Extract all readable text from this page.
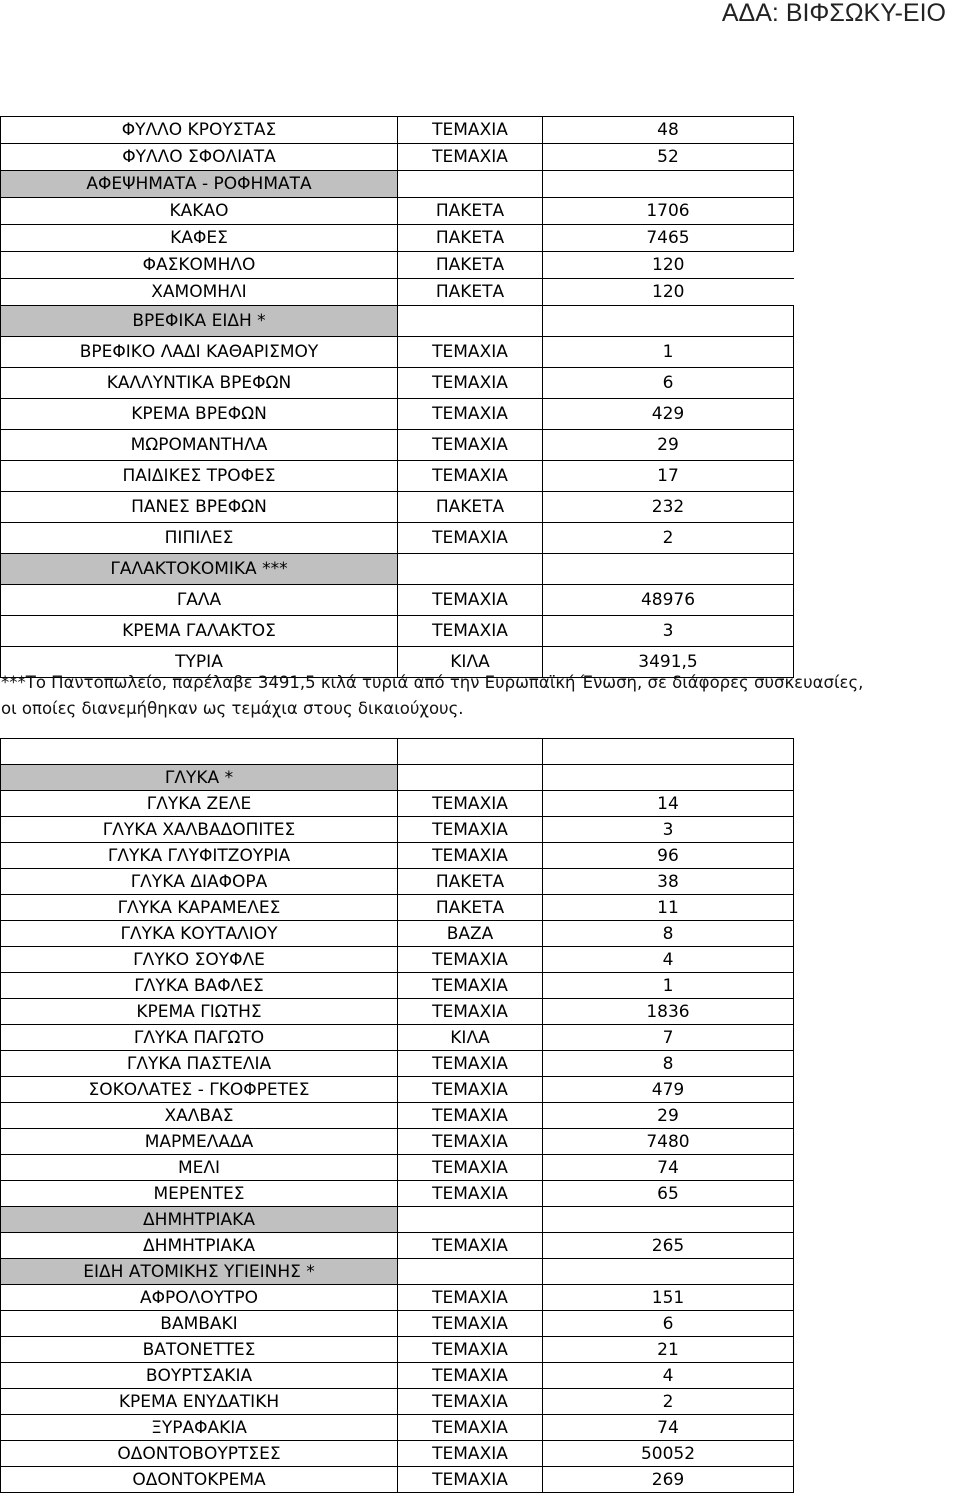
ΑΔΑ: ΒΙΦΣΩΚΥ-ΕΙΟ
ΦΥΛΛΟ ΚΡΟΥΣΤΑΣ	ΤΕΜΑΧΙΑ	48
ΦΥΛΛΟ ΣΦΟΛΙΑΤΑ	ΤΕΜΑΧΙΑ	52
ΑΦΕΨΗΜΑΤΑ - ΡΟΦΗΜΑΤΑ		
ΚΑΚΑΟ	ΠΑΚΕΤΑ	1706
ΚΑΦΕΣ	ΠΑΚΕΤΑ	7465
ΦΑΣΚΟΜΗΛΟ	ΠΑΚΕΤΑ	120
ΧΑΜΟΜΗΛΙ	ΠΑΚΕΤΑ	120
ΒΡΕΦΙΚΑ ΕΙΔΗ *		
ΒΡΕΦΙΚΟ ΛΑΔΙ ΚΑΘΑΡΙΣΜΟΥ	ΤΕΜΑΧΙΑ	1
ΚΑΛΛΥΝΤΙΚΑ ΒΡΕΦΩΝ	ΤΕΜΑΧΙΑ	6
ΚΡΕΜΑ ΒΡΕΦΩΝ	ΤΕΜΑΧΙΑ	429
ΜΩΡΟΜΑΝΤΗΛΑ	ΤΕΜΑΧΙΑ	29
ΠΑΙΔΙΚΕΣ ΤΡΟΦΕΣ	ΤΕΜΑΧΙΑ	17
ΠΑΝΕΣ ΒΡΕΦΩΝ	ΠΑΚΕΤΑ	232
ΠΙΠΙΛΕΣ	ΤΕΜΑΧΙΑ	2
ΓΑΛΑΚΤΟΚΟΜΙΚΑ ***		
ΓΑΛΑ	ΤΕΜΑΧΙΑ	48976
ΚΡΕΜΑ ΓΑΛΑΚΤΟΣ	ΤΕΜΑΧΙΑ	3
ΤΥΡΙΑ	ΚΙΛΑ	3491,5
***Το Παντοπωλείο, παρέλαβε 3491,5 κιλά τυριά από την Ευρωπαϊκή Ένωση, σε διάφορες συσκευασίες, οι οποίες διανεμήθηκαν ως τεμάχια στους δικαιούχους.

ΓΛΥΚΑ *		
ΓΛΥΚΑ ΖΕΛΕ	ΤΕΜΑΧΙΑ	14
ΓΛΥΚΑ ΧΑΛΒΑΔΟΠΙΤΕΣ	ΤΕΜΑΧΙΑ	3
ΓΛΥΚΑ ΓΛΥΦΙΤΖΟΥΡΙΑ	ΤΕΜΑΧΙΑ	96
ΓΛΥΚΑ ΔΙΑΦΟΡΑ	ΠΑΚΕΤΑ	38
ΓΛΥΚΑ ΚΑΡΑΜΕΛΕΣ	ΠΑΚΕΤΑ	11
ΓΛΥΚΑ ΚΟΥΤΑΛΙΟΥ	ΒΑΖΑ	8
ΓΛΥΚΟ ΣΟΥΦΛΕ	ΤΕΜΑΧΙΑ	4
ΓΛΥΚΑ ΒΑΦΛΕΣ	ΤΕΜΑΧΙΑ	1
ΚΡΕΜΑ ΓΙΩΤΗΣ	ΤΕΜΑΧΙΑ	1836
ΓΛΥΚΑ ΠΑΓΩΤΟ	ΚΙΛΑ	7
ΓΛΥΚΑ ΠΑΣΤΕΛΙΑ	ΤΕΜΑΧΙΑ	8
ΣΟΚΟΛΑΤΕΣ - ΓΚΟΦΡΕΤΕΣ	ΤΕΜΑΧΙΑ	479
ΧΑΛΒΑΣ	ΤΕΜΑΧΙΑ	29
ΜΑΡΜΕΛΑΔΑ	ΤΕΜΑΧΙΑ	7480
ΜΕΛΙ	ΤΕΜΑΧΙΑ	74
ΜΕΡΕΝΤΕΣ	ΤΕΜΑΧΙΑ	65
ΔΗΜΗΤΡΙΑΚΑ		
ΔΗΜΗΤΡΙΑΚΑ	ΤΕΜΑΧΙΑ	265
ΕΙΔΗ ΑΤΟΜΙΚΗΣ ΥΓΙΕΙΝΗΣ *		
ΑΦΡΟΛΟΥΤΡΟ	ΤΕΜΑΧΙΑ	151
ΒΑΜΒΑΚΙ	ΤΕΜΑΧΙΑ	6
ΒΑΤΟΝΕΤΤΕΣ	ΤΕΜΑΧΙΑ	21
ΒΟΥΡΤΣΑΚΙΑ	ΤΕΜΑΧΙΑ	4
ΚΡΕΜΑ ΕΝΥΔΑΤΙΚΗ	ΤΕΜΑΧΙΑ	2
ΞΥΡΑΦΑΚΙΑ	ΤΕΜΑΧΙΑ	74
ΟΔΟΝΤΟΒΟΥΡΤΣΕΣ	ΤΕΜΑΧΙΑ	50052
ΟΔΟΝΤΟΚΡΕΜΑ	ΤΕΜΑΧΙΑ	269
